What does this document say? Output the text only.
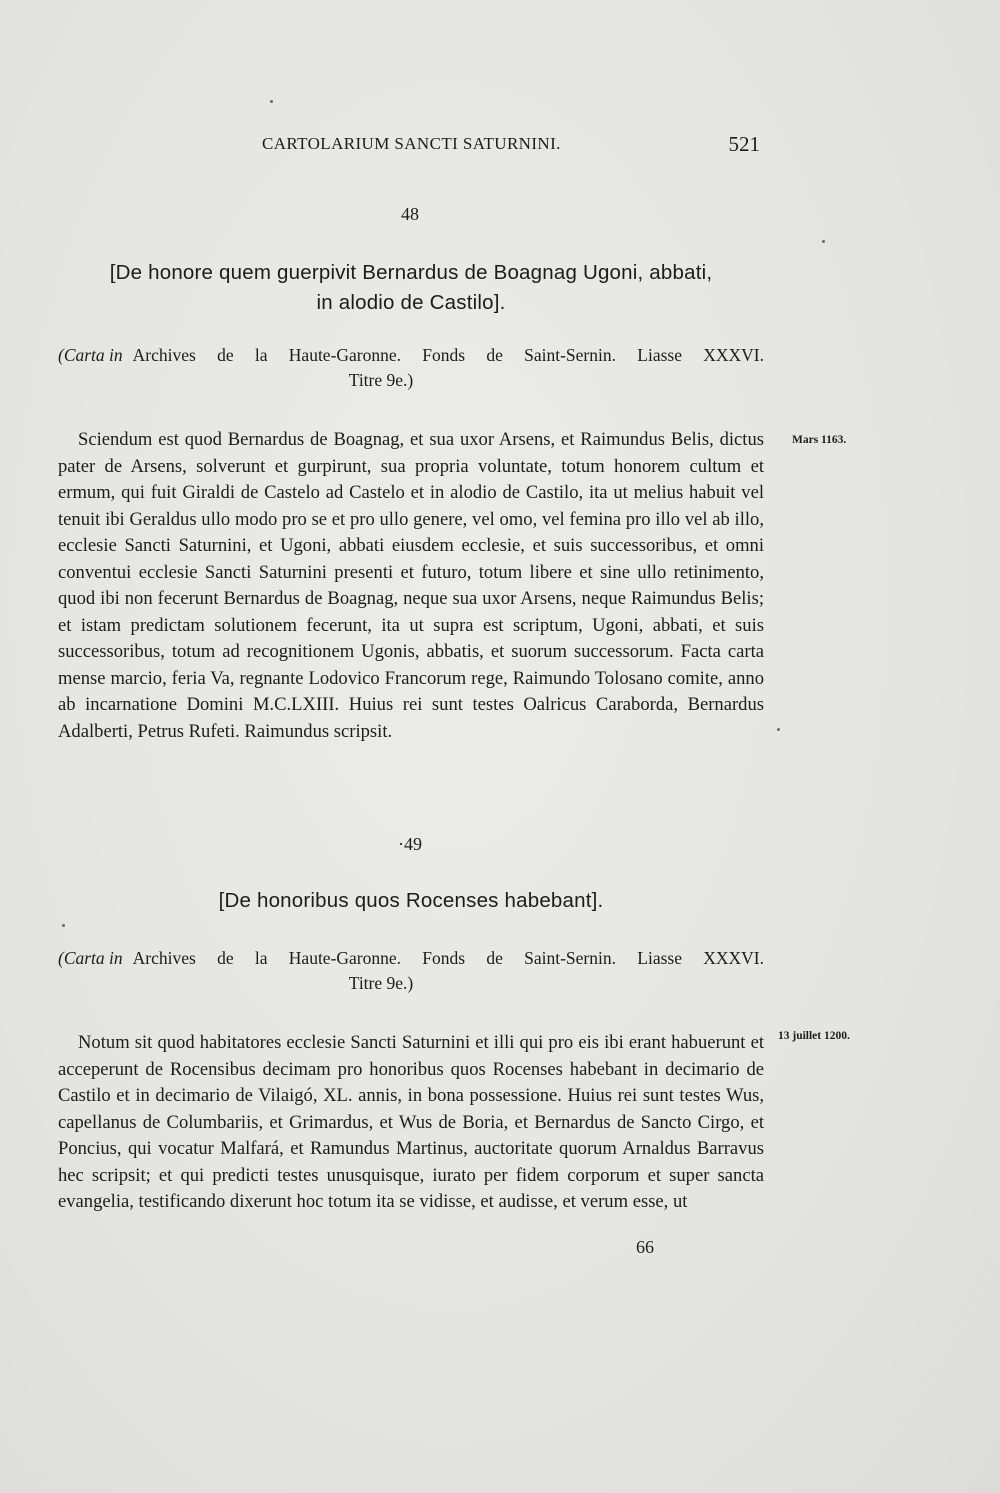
CARTOLARIUM SANCTI SATURNINI.	521
48
[De honore quem guerpivit Bernardus de Boagnag Ugoni, abbati,
in alodio de Castilo].
(Carta in Archives de la Haute-Garonne. Fonds de Saint-Sernin. Liasse XXXVI.
Titre 9e.)
Mars 1163.

Sciendum est quod Bernardus de Boagnag, et sua uxor Arsens, et Raimundus Belis, dictus pater de Arsens, solverunt et gurpirunt, sua propria voluntate, totum honorem cultum et ermum, qui fuit Giraldi de Castelo ad Castelo et in alodio de Castilo, ita ut melius habuit vel tenuit ibi Geraldus ullo modo pro se et pro ullo genere, vel omo, vel femina pro illo vel ab illo, ecclesie Sancti Saturnini, et Ugoni, abbati eiusdem ecclesie, et suis successoribus, et omni conventui ecclesie Sancti Saturnini presenti et futuro, totum libere et sine ullo retinimento, quod ibi non fecerunt Bernardus de Boagnag, neque sua uxor Arsens, neque Raimundus Belis; et istam predictam solutionem fecerunt, ita ut supra est scriptum, Ugoni, abbati, et suis successoribus, totum ad recognitionem Ugonis, abbatis, et suorum successorum. Facta carta mense marcio, feria Va, regnante Lodovico Francorum rege, Raimundo Tolosano comite, anno ab incarnatione Domini M.C.LXIII. Huius rei sunt testes Oalricus Caraborda, Bernardus Adalberti, Petrus Rufeti. Raimundus scripsit.

·49
[De honoribus quos Rocenses habebant].
(Carta in Archives de la Haute-Garonne. Fonds de Saint-Sernin. Liasse XXXVI.
Titre 9e.)
13 juillet 1200.

Notum sit quod habitatores ecclesie Sancti Saturnini et illi qui pro eis ibi erant habuerunt et acceperunt de Rocensibus decimam pro honoribus quos Rocenses habebant in decimario de Castilo et in decimario de Vilaigó, XL. annis, in bona possessione. Huius rei sunt testes Wus, capellanus de Columbariis, et Grimardus, et Wus de Boria, et Bernardus de Sancto Cirgo, et Poncius, qui vocatur Malfará, et Ramundus Martinus, auctoritate quorum Arnaldus Barravus hec scripsit; et qui predicti testes unusquisque, iurato per fidem corporum et super sancta evangelia, testificando dixerunt hoc totum ita se vidisse, et audisse, et verum esse, ut

66
